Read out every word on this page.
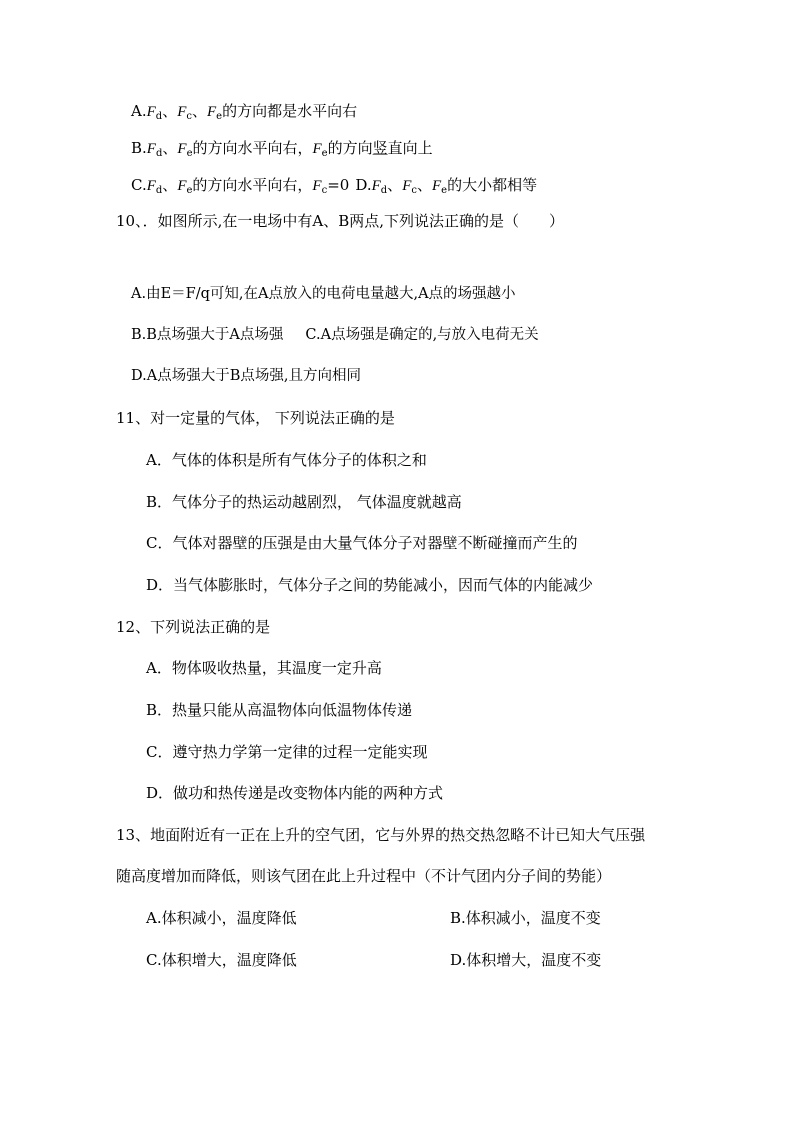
$A.F_d$、$F_c$、$F_e$的方向都是水平向右
$B.F_d$、$F_e$的方向水平向右，$F_e$的方向竖直向上
$C.F_d$、$F_e$的方向水平向右，$F_c=0$ $D.F_d$、$F_c$、$F_e$的大小都相等
10、．如图所示,在一电场中有A、B两点,下列说法正确的是（　　）
A.由E＝F/q可知,在A点放入的电荷电量越大,A点的场强越小
B.B点场强大于A点场强 C.A点场强是确定的,与放入电荷无关
D.A点场强大于B点场强,且方向相同
11、对一定量的气体， 下列说法正确的是
A．气体的体积是所有气体分子的体积之和
B．气体分子的热运动越剧烈， 气体温度就越高
C．气体对器壁的压强是由大量气体分子对器壁不断碰撞而产生的
D．当气体膨胀时，气体分子之间的势能减小，因而气体的内能减少
12、下列说法正确的是
A．物体吸收热量，其温度一定升高
B．热量只能从高温物体向低温物体传递
C．遵守热力学第一定律的过程一定能实现
D．做功和热传递是改变物体内能的两种方式
13、地面附近有一正在上升的空气团，它与外界的热交热忽略不计已知大气压强
随高度增加而降低，则该气团在此上升过程中（不计气团内分子间的势能）
A.体积减小，温度降低	B.体积减小，温度不变
C.体积增大，温度降低	D.体积增大，温度不变
